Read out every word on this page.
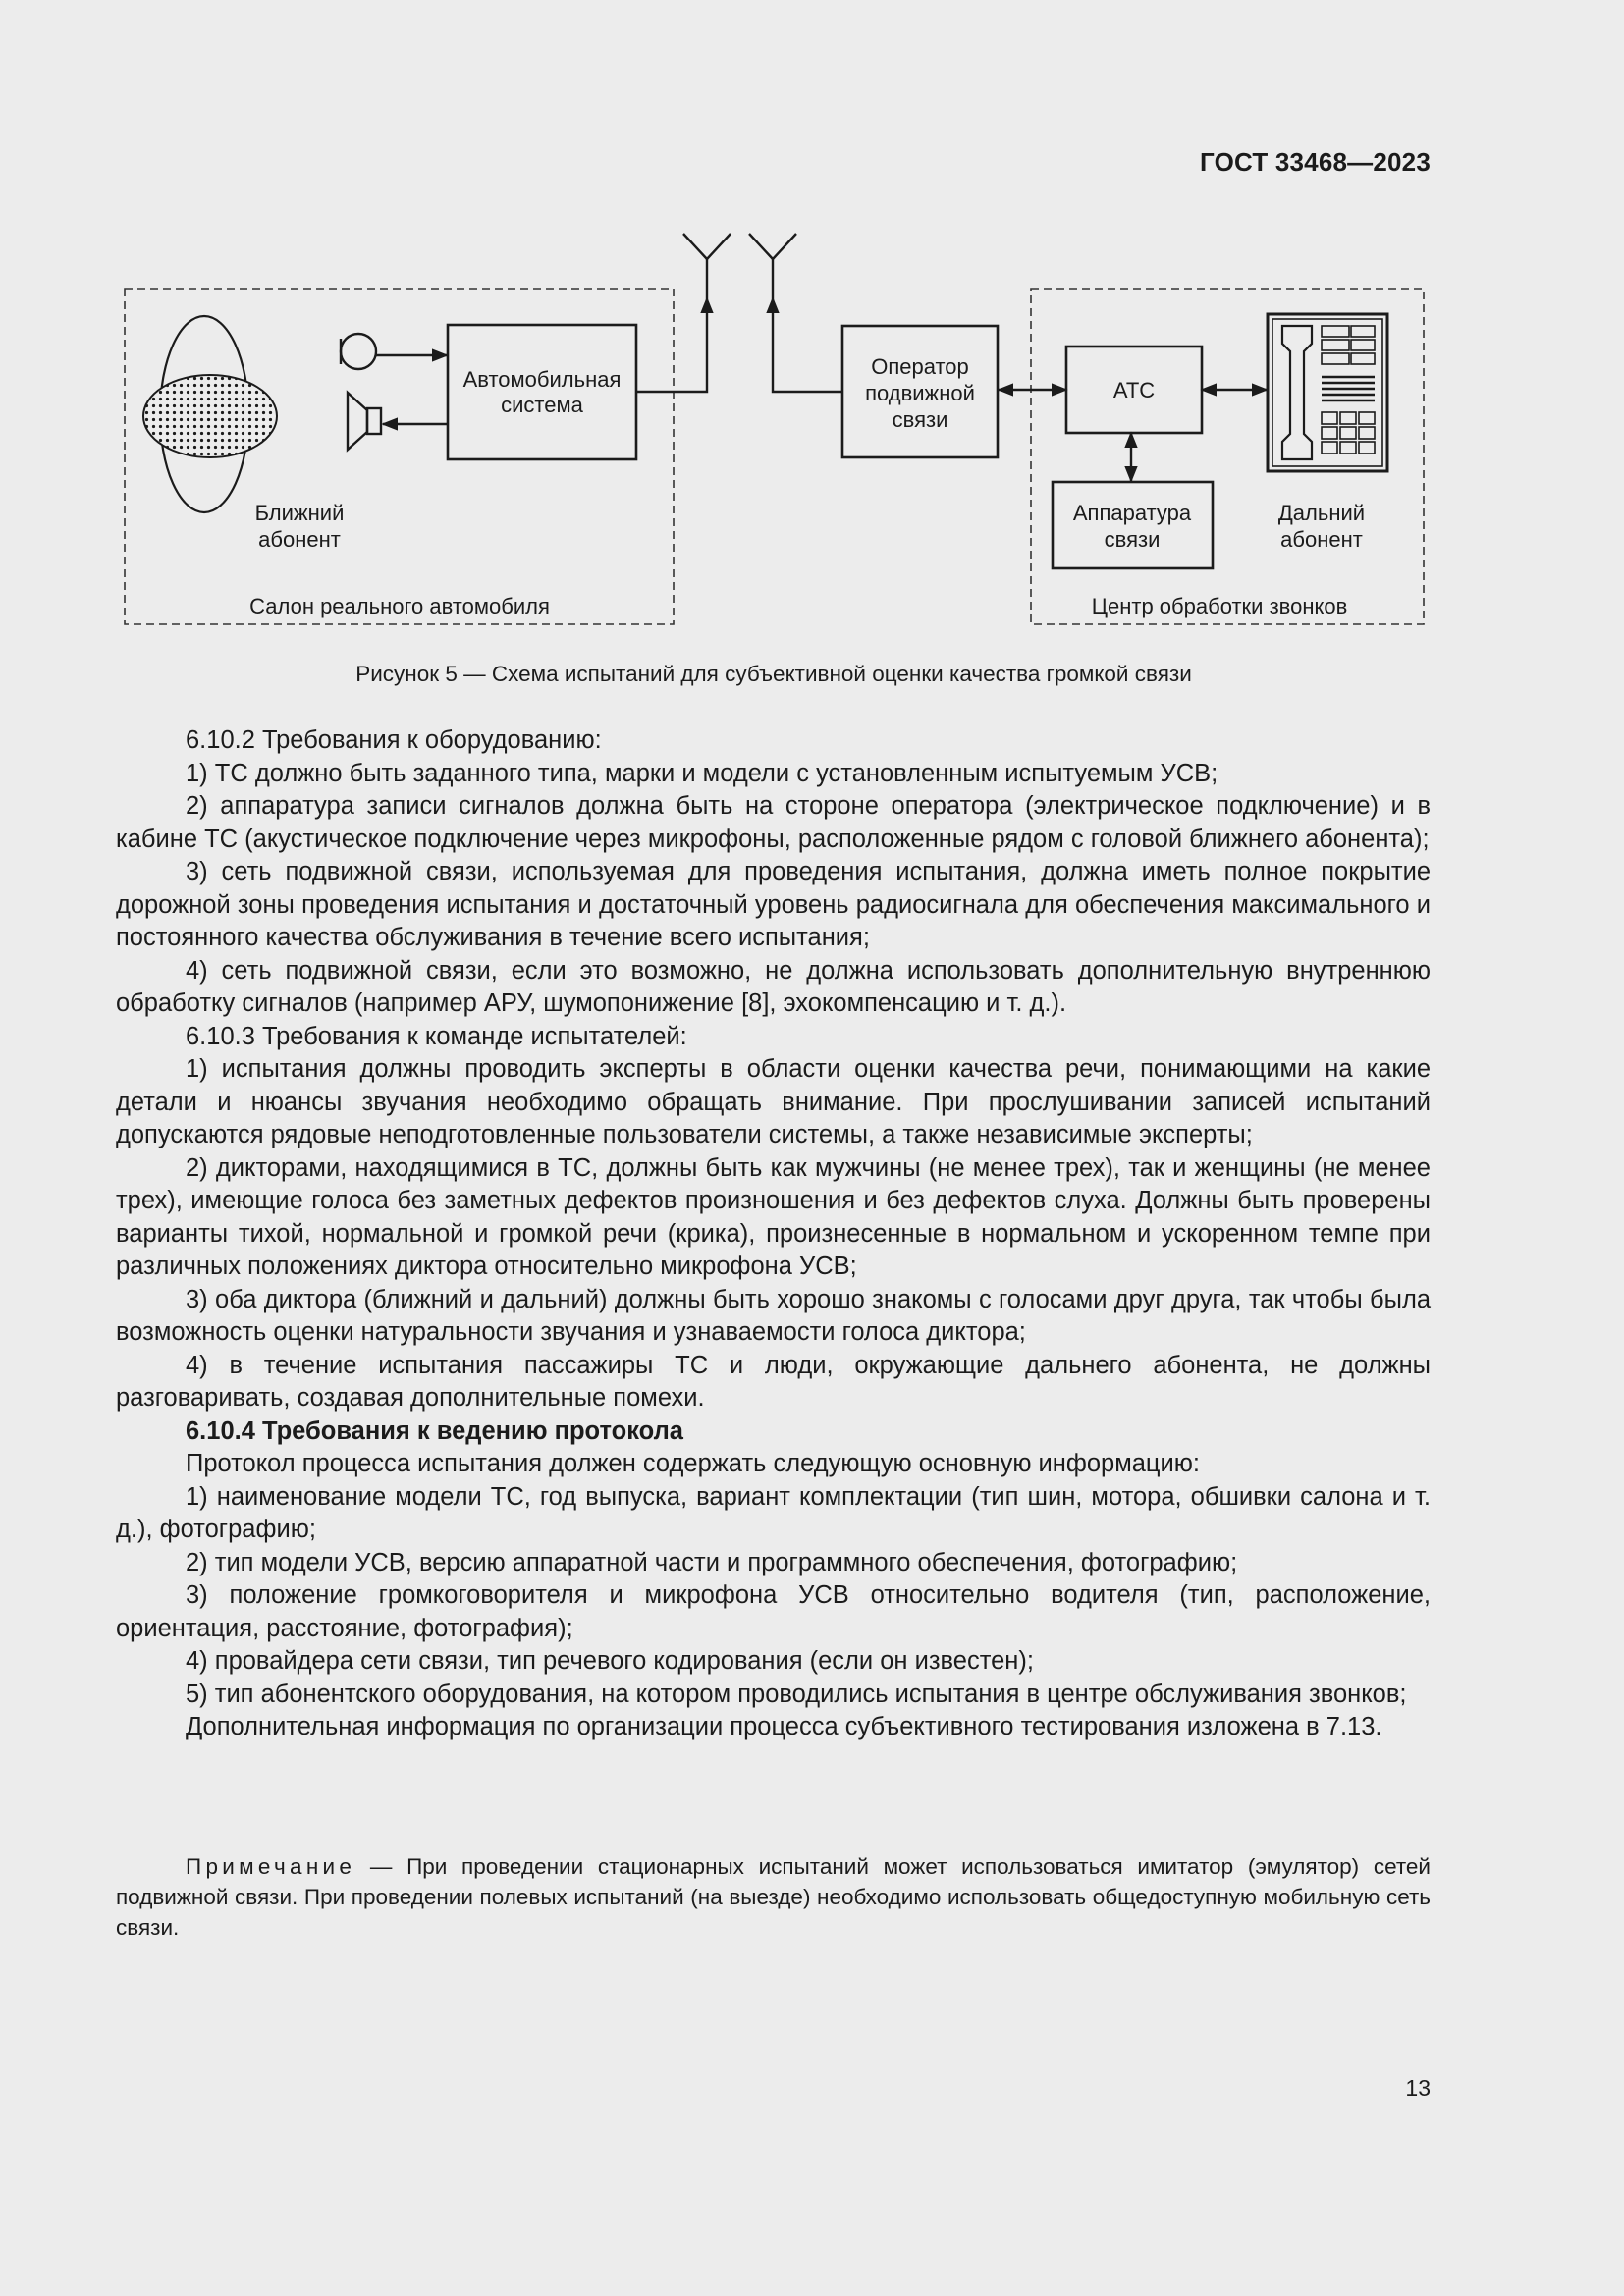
ГОСТ 33468—2023
Салон реального автомобиля
Ближний
абонент
Автомобильная
система
Оператор
подвижной
связи
Центр обработки звонков
АТС
Аппаратура
связи
Дальний
абонент
Рисунок 5 — Схема испытаний для субъективной оценки качества громкой связи

6.10.2 Требования к оборудованию:

1) ТС должно быть заданного типа, марки и модели с установленным испытуемым УСВ;

2) аппаратура записи сигналов должна быть на стороне оператора (электрическое подключение) и в кабине ТС (акустическое подключение через микрофоны, расположенные рядом с головой ближнего абонента);

3) сеть подвижной связи, используемая для проведения испытания, должна иметь полное покрытие дорожной зоны проведения испытания и достаточный уровень радиосигнала для обеспечения максимального и постоянного качества обслуживания в течение всего испытания;

4) сеть подвижной связи, если это возможно, не должна использовать дополнительную внутреннюю обработку сигналов (например АРУ, шумопонижение [8], эхокомпенсацию и т. д.).

6.10.3 Требования к команде испытателей:

1) испытания должны проводить эксперты в области оценки качества речи, понимающими на какие детали и нюансы звучания необходимо обращать внимание. При прослушивании записей испытаний допускаются рядовые неподготовленные пользователи системы, а также независимые эксперты;

2) дикторами, находящимися в ТС, должны быть как мужчины (не менее трех), так и женщины (не менее трех), имеющие голоса без заметных дефектов произношения и без дефектов слуха. Должны быть проверены варианты тихой, нормальной и громкой речи (крика), произнесенные в нормальном и ускоренном темпе при различных положениях диктора относительно микрофона УСВ;

3) оба диктора (ближний и дальний) должны быть хорошо знакомы с голосами друг друга, так чтобы была возможность оценки натуральности звучания и узнаваемости голоса диктора;

4) в течение испытания пассажиры ТС и люди, окружающие дальнего абонента, не должны разговаривать, создавая дополнительные помехи.

6.10.4 Требования к ведению протокола

Протокол процесса испытания должен содержать следующую основную информацию:

1) наименование модели ТС, год выпуска, вариант комплектации (тип шин, мотора, обшивки салона и т. д.), фотографию;

2) тип модели УСВ, версию аппаратной части и программного обеспечения, фотографию;

3) положение громкоговорителя и микрофона УСВ относительно водителя (тип, расположение, ориентация, расстояние, фотография);

4) провайдера сети связи, тип речевого кодирования (если он известен);

5) тип абонентского оборудования, на котором проводились испытания в центре обслуживания звонков;

Дополнительная информация по организации процесса субъективного тестирования изложена в 7.13.

Примечание — При проведении стационарных испытаний может использоваться имитатор (эмулятор) сетей подвижной связи. При проведении полевых испытаний (на выезде) необходимо использовать общедоступную мобильную сеть связи.

13
